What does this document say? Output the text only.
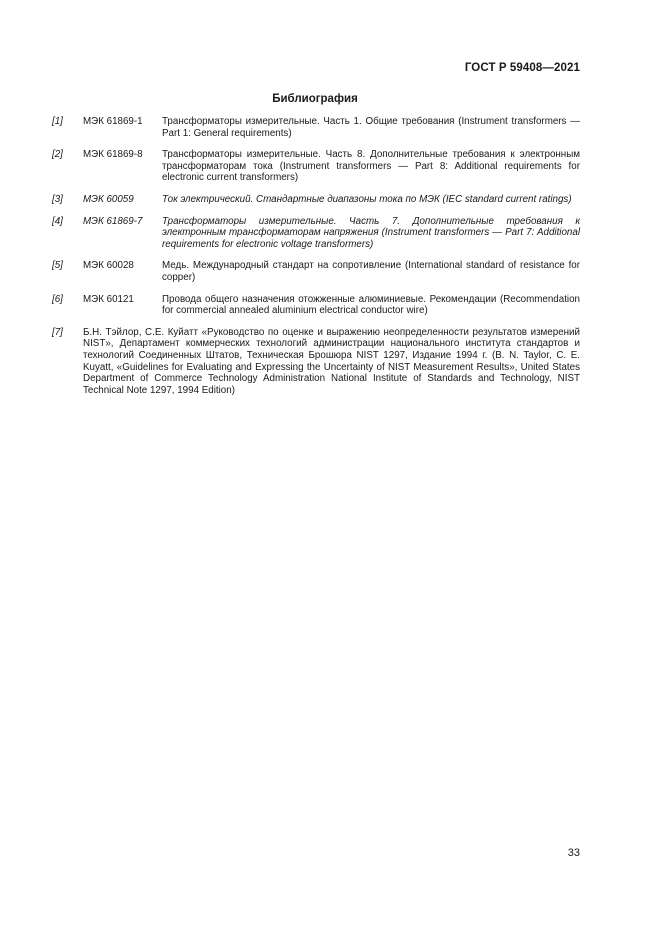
ГОСТ Р 59408—2021
Библиография
[1] МЭК 61869-1 Трансформаторы измерительные. Часть 1. Общие требования (Instrument transformers — Part 1: General requirements)
[2] МЭК 61869-8 Трансформаторы измерительные. Часть 8. Дополнительные требования к электронным трансформаторам тока (Instrument transformers — Part 8: Additional requirements for electronic current transformers)
[3] МЭК 60059	Ток электрический. Стандартные диапазоны тока по МЭК (IEC standard current ratings)
[4] МЭК 61869-7 Трансформаторы измерительные. Часть 7. Дополнительные требования к электронным трансформаторам напряжения (Instrument transformers — Part 7: Additional requirements for electronic voltage transformers)
[5] МЭК 60028	Медь. Международный стандарт на сопротивление (International standard of resistance for copper)
[6] МЭК 60121	Провода общего назначения отожженные алюминиевые. Рекомендации (Recommendation for commercial annealed aluminium electrical conductor wire)
[7] Б.Н. Тэйлор, С.Е. Куйатт «Руководство по оценке и выражению неопределенности результатов измерений NIST», Департамент коммерческих технологий администрации национального института стандартов и технологий Соединенных Штатов, Техническая Брошюра NIST 1297, Издание 1994 г. (B. N. Taylor, C. E. Kuyatt, «Guidelines for Evaluating and Expressing the Uncertainty of NIST Measurement Results», United States Department of Commerce Technology Administration National Institute of Standards and Technology, NIST Technical Note 1297, 1994 Edition)
33
